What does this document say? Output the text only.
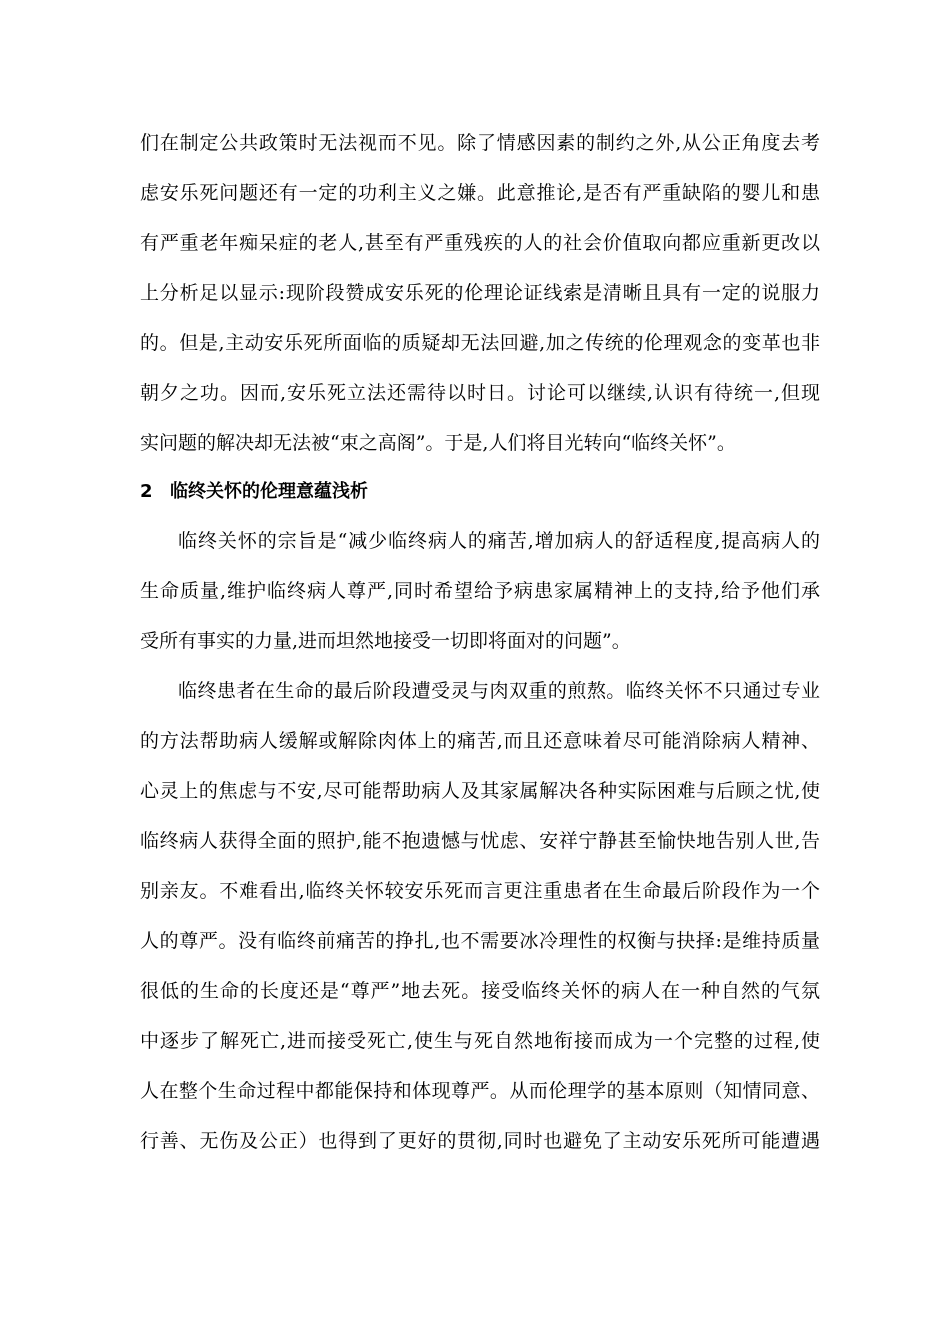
们在制定公共政策时无法视而不见。除了情感因素的制约之外,从公正角度去考
虑安乐死问题还有一定的功利主义之嫌。此意推论,是否有严重缺陷的婴儿和患
有严重老年痴呆症的老人,甚至有严重残疾的人的社会价值取向都应重新更改以
上分析足以显示:现阶段赞成安乐死的伦理论证线索是清晰且具有一定的说服力
的。但是,主动安乐死所面临的质疑却无法回避,加之传统的伦理观念的变革也非
朝夕之功。因而,安乐死立法还需待以时日。讨论可以继续,认识有待统一,但现
实问题的解决却无法被“束之高阁”。于是,人们将目光转向“临终关怀”。
2 临终关怀的伦理意蕴浅析
临终关怀的宗旨是“减少临终病人的痛苦,增加病人的舒适程度,提高病人的
生命质量,维护临终病人尊严,同时希望给予病患家属精神上的支持,给予他们承
受所有事实的力量,进而坦然地接受一切即将面对的问题”。
临终患者在生命的最后阶段遭受灵与肉双重的煎熬。临终关怀不只通过专业
的方法帮助病人缓解或解除肉体上的痛苦,而且还意味着尽可能消除病人精神、
心灵上的焦虑与不安,尽可能帮助病人及其家属解决各种实际困难与后顾之忧,使
临终病人获得全面的照护,能不抱遗憾与忧虑、安祥宁静甚至愉快地告别人世,告
别亲友。不难看出,临终关怀较安乐死而言更注重患者在生命最后阶段作为一个
人的尊严。没有临终前痛苦的挣扎,也不需要冰冷理性的权衡与抉择:是维持质量
很低的生命的长度还是“尊严”地去死。接受临终关怀的病人在一种自然的气氛
中逐步了解死亡,进而接受死亡,使生与死自然地衔接而成为一个完整的过程,使
人在整个生命过程中都能保持和体现尊严。从而伦理学的基本原则（知情同意、
行善、无伤及公正）也得到了更好的贯彻,同时也避免了主动安乐死所可能遭遇
